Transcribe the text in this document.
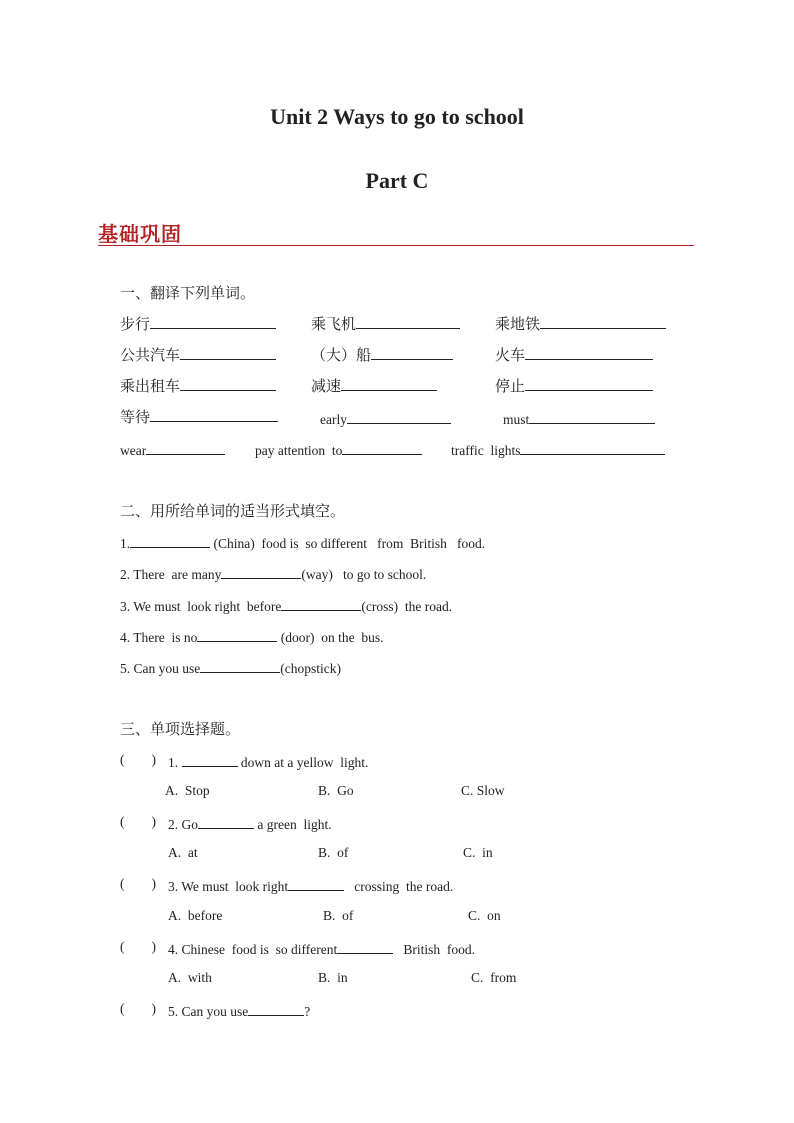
Unit 2 Ways to go to school
Part C
基础巩固
一、翻译下列单词。
步行	乘飞机	乘地铁
公共汽车	（大）船	火车
乘出租车	减速	停止
等待	early	must
wear	pay attention  to	traffic  lights
二、用所给单词的适当形式填空。
1.	(China)  food is  so different   from  British   food.
2. There  are many	(way)   to go to school.
3. We must  look right  before	(cross)  the road.
4. There  is no	(door)  on the  bus.
5. Can you use	(chopstick)
三、单项选择题。
(        ) 1.	down at a yellow  light.
A.  Stop	B.  Go	C. Slow
(        ) 2. Go	a green  light.
A.  at	B.  of	C.  in
(        ) 3. We must  look right	crossing  the road.
A.  before	B.  of	C.  on
(        ) 4. Chinese  food is  so different	British  food.
A.  with	B.  in	C.  from
(        ) 5. Can you use	?
